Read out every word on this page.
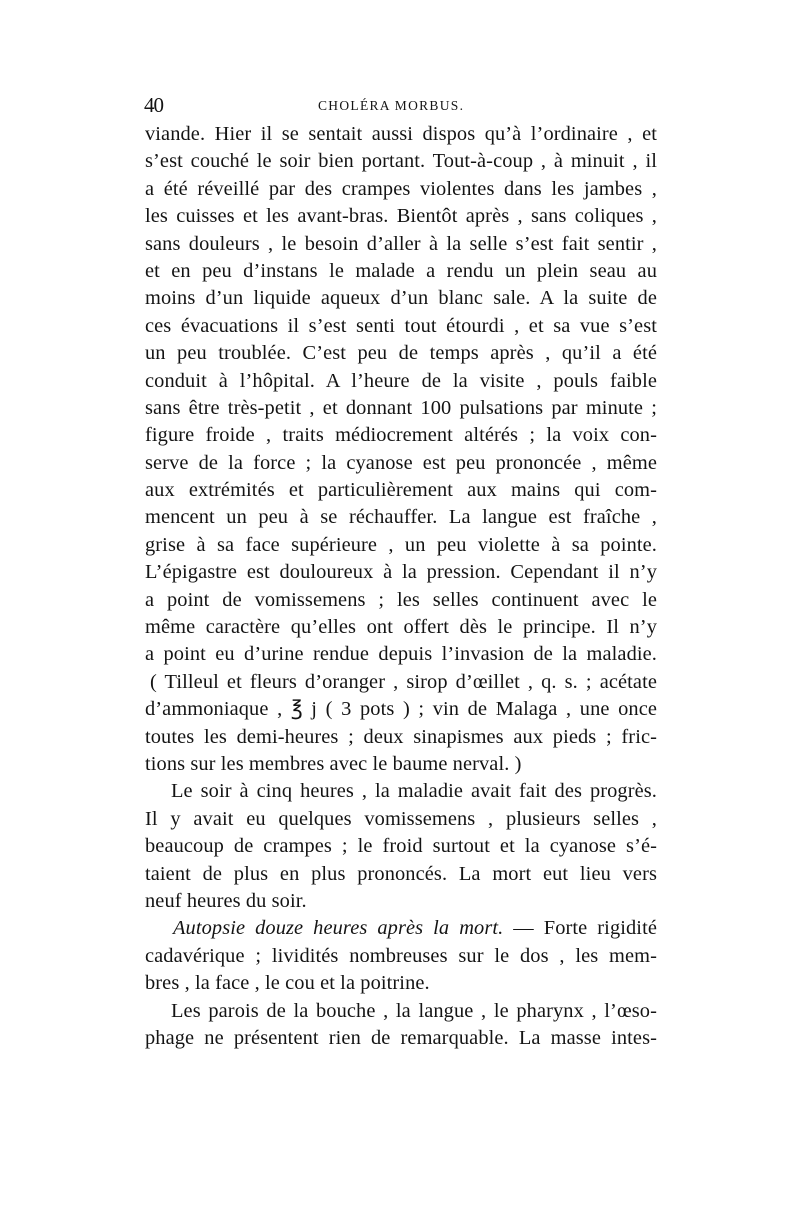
40	CHOLÉRA MORBUS.
viande. Hier il se sentait aussi dispos qu’à l’ordinaire , et
s’est couché le soir bien portant. Tout-à-coup , à minuit , il
a été réveillé par des crampes violentes dans les jambes ,
les cuisses et les avant-bras. Bientôt après , sans coliques ,
sans douleurs , le besoin d’aller à la selle s’est fait sentir ,
et en peu d’instans le malade a rendu un plein seau au
moins d’un liquide aqueux d’un blanc sale. A la suite de
ces évacuations il s’est senti tout étourdi , et sa vue s’est
un peu troublée. C’est peu de temps après , qu’il a été
conduit à l’hôpital. A l’heure de la visite , pouls faible
sans être très-petit , et donnant 100 pulsations par minute ;
figure froide , traits médiocrement altérés ; la voix con-
serve de la force ; la cyanose est peu prononcée , même
aux extrémités et particulièrement aux mains qui com-
mencent un peu à se réchauffer. La langue est fraîche ,
grise à sa face supérieure , un peu violette à sa pointe.
L’épigastre est douloureux à la pression. Cependant il n’y
a point de vomissemens ; les selles continuent avec le
même caractère qu’elles ont offert dès le principe. Il n’y
a point eu d’urine rendue depuis l’invasion de la maladie.
( Tilleul et fleurs d’oranger , sirop d’œillet , q. s. ; acétate
d’ammoniaque , ℥ j ( 3 pots ) ; vin de Malaga , une once
toutes les demi-heures ; deux sinapismes aux pieds ; fric-
tions sur les membres avec le baume nerval. )
Le soir à cinq heures , la maladie avait fait des progrès.
Il y avait eu quelques vomissemens , plusieurs selles ,
beaucoup de crampes ; le froid surtout et la cyanose s’é-
taient de plus en plus prononcés. La mort eut lieu vers
neuf heures du soir.
Autopsie douze heures après la mort. — Forte rigidité
cadavérique ; lividités nombreuses sur le dos , les mem-
bres , la face , le cou et la poitrine.
Les parois de la bouche , la langue , le pharynx , l’œso-
phage ne présentent rien de remarquable. La masse intes-
